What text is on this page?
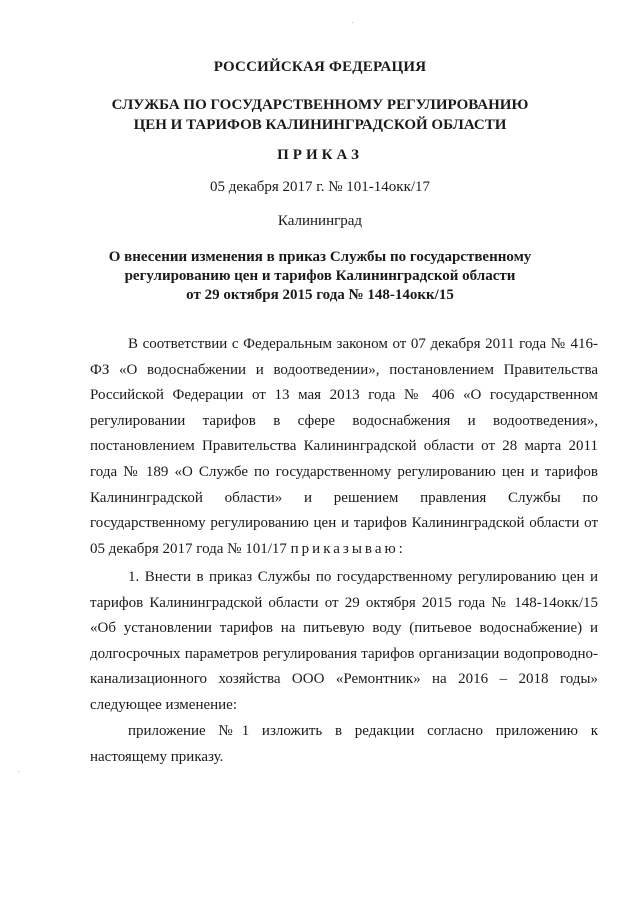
РОССИЙСКАЯ ФЕДЕРАЦИЯ
СЛУЖБА ПО ГОСУДАРСТВЕННОМУ РЕГУЛИРОВАНИЮ
ЦЕН И ТАРИФОВ КАЛИНИНГРАДСКОЙ ОБЛАСТИ
ПРИКАЗ
05 декабря 2017 г. № 101-14окк/17
Калининград
О внесении изменения в приказ Службы по государственному
регулированию цен и тарифов Калининградской области
от 29 октября 2015 года № 148-14окк/15
В соответствии с Федеральным законом от 07 декабря 2011 года № 416-ФЗ «О водоснабжении и водоотведении», постановлением Правительства Российской Федерации от 13 мая 2013 года № 406 «О государственном регулировании тарифов в сфере водоснабжения и водоотведения», постановлением Правительства Калининградской области от 28 марта 2011 года № 189 «О Службе по государственному регулированию цен и тарифов Калининградской области» и решением правления Службы по государственному регулированию цен и тарифов Калининградской области от 05 декабря 2017 года № 101/17 приказываю:
1. Внести в приказ Службы по государственному регулированию цен и тарифов Калининградской области от 29 октября 2015 года № 148-14окк/15 «Об установлении тарифов на питьевую воду (питьевое водоснабжение) и долгосрочных параметров регулирования тарифов организации водопроводно-канализационного хозяйства ООО «Ремонтник» на 2016 – 2018 годы» следующее изменение:
приложение №1 изложить в редакции согласно приложению к настоящему приказу.
